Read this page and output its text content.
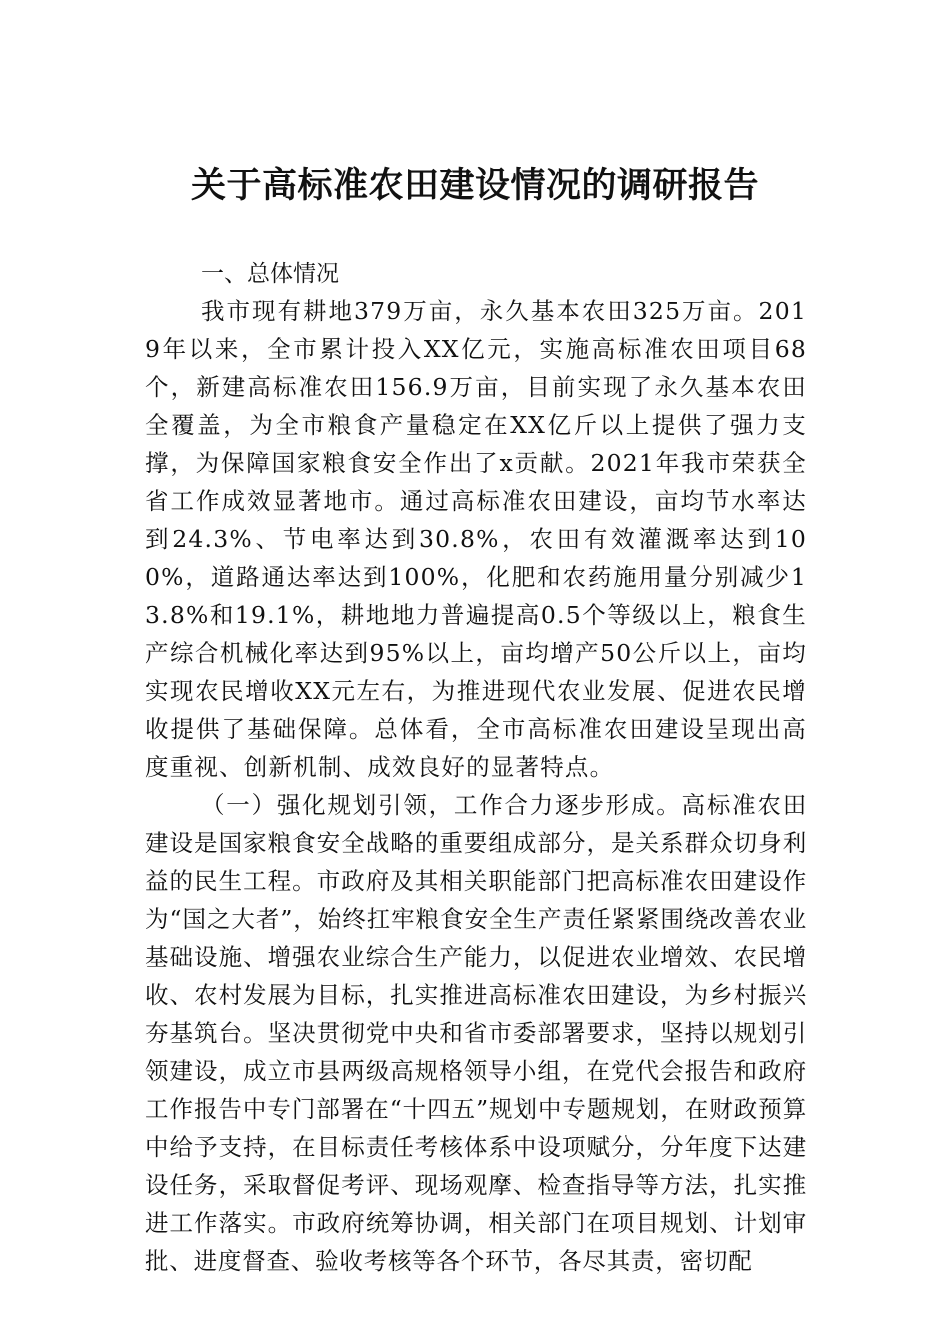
关于高标准农田建设情况的调研报告
一、总体情况

我市现有耕地379万亩，永久基本农田325万亩。2019年以来，全市累计投入XX亿元，实施高标准农田项目68个，新建高标准农田156.9万亩，目前实现了永久基本农田全覆盖，为全市粮食产量稳定在XX亿斤以上提供了强力支撑，为保障国家粮食安全作出了x贡献。2021年我市荣获全省工作成效显著地市。通过高标准农田建设，亩均节水率达到24.3%、节电率达到30.8%，农田有效灌溉率达到100%，道路通达率达到100%，化肥和农药施用量分别减少13.8%和19.1%，耕地地力普遍提高0.5个等级以上，粮食生产综合机械化率达到95%以上，亩均增产50公斤以上，亩均实现农民增收XX元左右，为推进现代农业发展、促进农民增收提供了基础保障。总体看，全市高标准农田建设呈现出高度重视、创新机制、成效良好的显著特点。

（一）强化规划引领，工作合力逐步形成。高标准农田建设是国家粮食安全战略的重要组成部分，是关系群众切身利益的民生工程。市政府及其相关职能部门把高标准农田建设作为“国之大者”，始终扛牢粮食安全生产责任紧紧围绕改善农业基础设施、增强农业综合生产能力，以促进农业增效、农民增收、农村发展为目标，扎实推进高标准农田建设，为乡村振兴夯基筑台。坚决贯彻党中央和省市委部署要求，坚持以规划引领建设，成立市县两级高规格领导小组，在党代会报告和政府工作报告中专门部署在“十四五”规划中专题规划，在财政预算中给予支持，在目标责任考核体系中设项赋分，分年度下达建设任务，采取督促考评、现场观摩、检查指导等方法，扎实推进工作落实。市政府统筹协调，相关部门在项目规划、计划审批、进度督查、验收考核等各个环节，各尽其责，密切配
